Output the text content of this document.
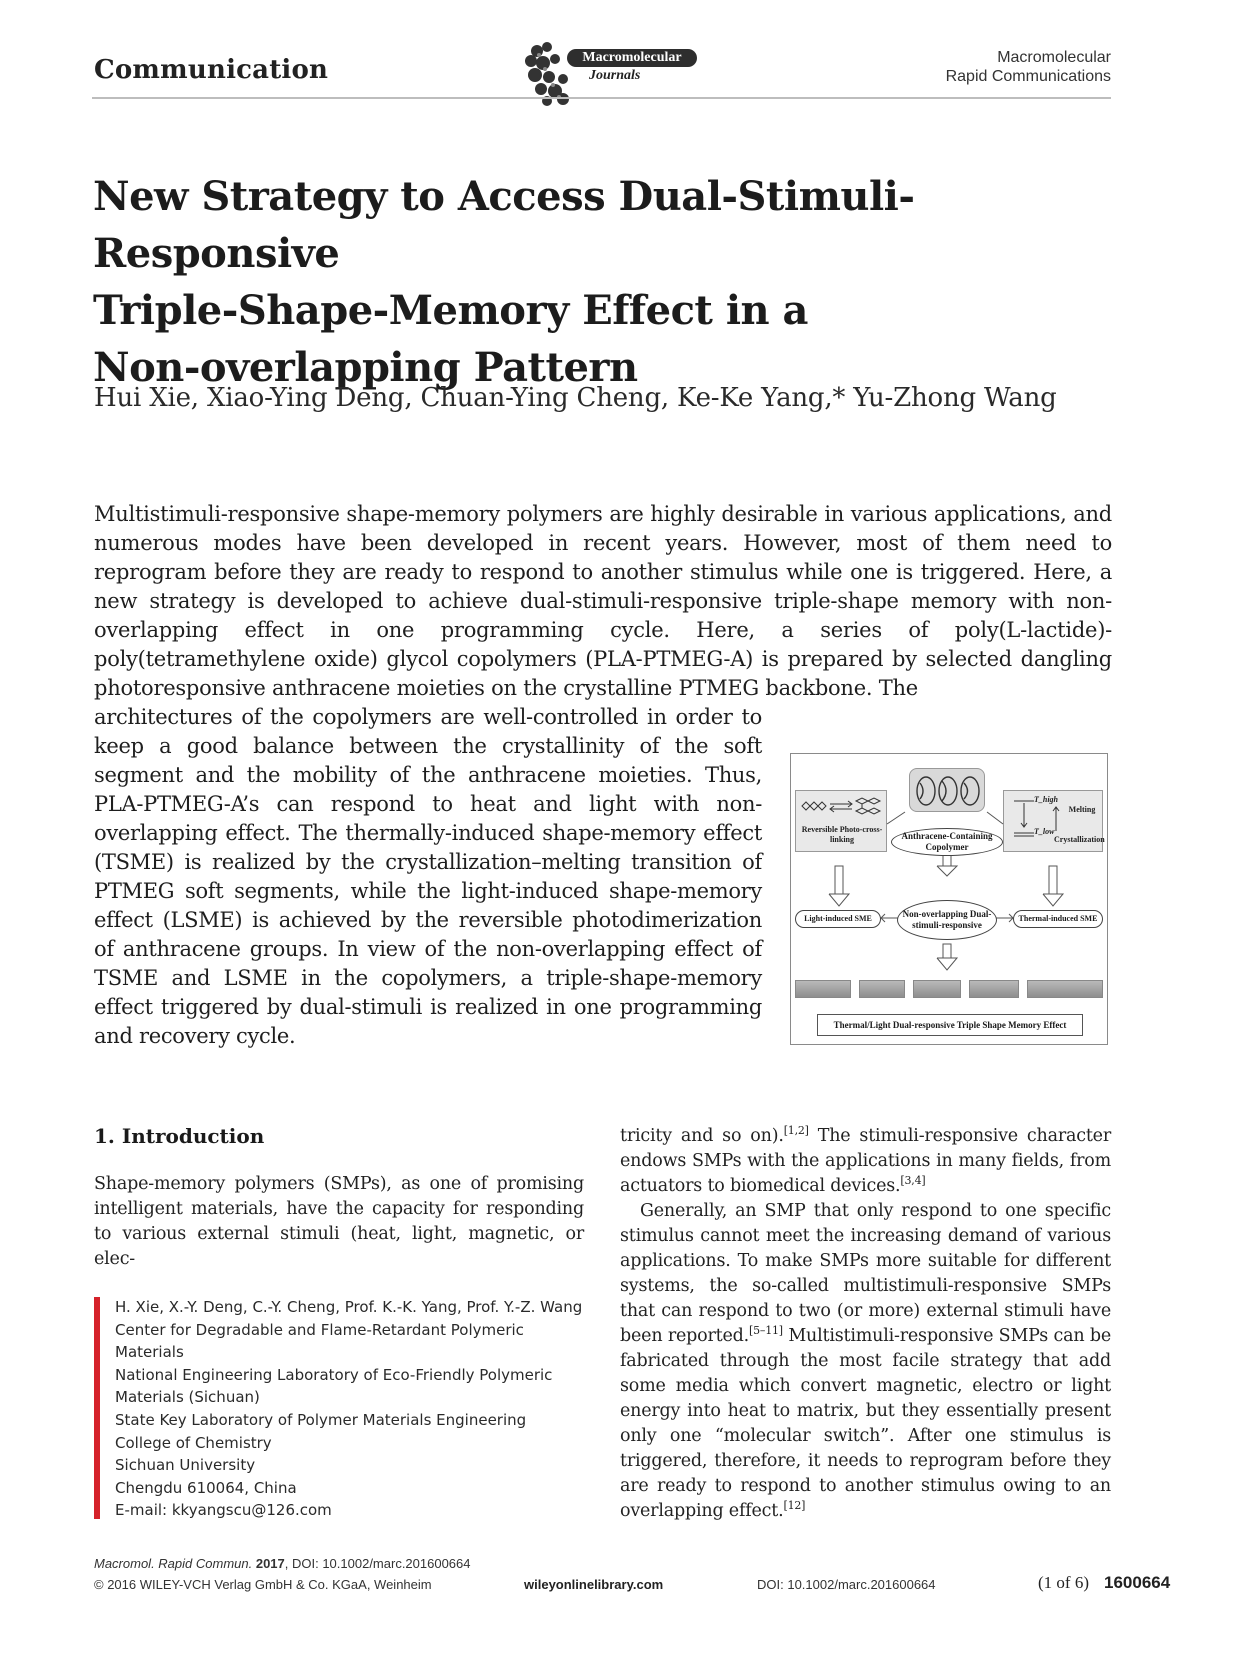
Communication	Macromolecular
Journals
Macromolecular
Rapid Communications
New Strategy to Access Dual-Stimuli-Responsive
Triple-Shape-Memory Effect in a
Non-overlapping Pattern
Hui Xie, Xiao-Ying Deng, Chuan-Ying Cheng, Ke-Ke Yang,* Yu-Zhong Wang
Multistimuli-responsive shape-memory polymers are highly desirable in various applications, and numerous modes have been developed in recent years. However, most of them need to reprogram before they are ready to respond to another stimulus while one is triggered. Here, a new strategy is developed to achieve dual-stimuli-responsive triple-shape memory with non-overlapping effect in one programming cycle. Here, a series of poly(L-lactide)-poly(tetramethylene oxide) glycol copolymers (PLA-PTMEG-A) is prepared by selected dangling photoresponsive anthracene moieties on the crystalline PTMEG backbone. The
architectures of the copolymers are well-controlled in order to keep a good balance between the crystallinity of the soft segment and the mobility of the anthracene moieties. Thus, PLA-PTMEG-A’s can respond to heat and light with non-overlapping effect. The thermally-induced shape-memory effect (TSME) is realized by the crystallization–melting transition of PTMEG soft segments, while the light-induced shape-memory effect (LSME) is achieved by the reversible photodimerization of anthracene groups. In view of the non-overlapping effect of TSME and LSME in the copolymers, a triple-shape-memory effect triggered by dual-stimuli is realized in one programming and recovery cycle.
Reversible Photo-cross-linking
T_high
T_low
Melting
Crystallization
Anthracene-Containing Copolymer
Non-overlapping Dual-stimuli-responsive
Light-induced SME	Thermal-induced SME
Thermal/Light Dual-responsive Triple Shape Memory Effect
1. Introduction
Shape-memory polymers (SMPs), as one of promising intelligent materials, have the capacity for responding to various external stimuli (heat, light, magnetic, or elec-

tricity and so on).[1,2] The stimuli-responsive character endows SMPs with the applications in many fields, from actuators to biomedical devices.[3,4]

Generally, an SMP that only respond to one specific stimulus cannot meet the increasing demand of various applications. To make SMPs more suitable for different systems, the so-called multistimuli-responsive SMPs that can respond to two (or more) external stimuli have been reported.[5–11] Multistimuli-responsive SMPs can be fabricated through the most facile strategy that add some media which convert magnetic, electro or light energy into heat to matrix, but they essentially present only one “molecular switch”. After one stimulus is triggered, therefore, it needs to reprogram before they are ready to respond to another stimulus owing to an overlapping effect.[12]

H. Xie, X.-Y. Deng, C.-Y. Cheng, Prof. K.-K. Yang, Prof. Y.-Z. Wang
Center for Degradable and Flame-Retardant Polymeric
Materials
National Engineering Laboratory of Eco-Friendly Polymeric
Materials (Sichuan)
State Key Laboratory of Polymer Materials Engineering
College of Chemistry
Sichuan University
Chengdu 610064, China
E-mail: kkyangscu@126.com
Macromol. Rapid Commun. 2017, DOI: 10.1002/marc.201600664
© 2016 WILEY-VCH Verlag GmbH & Co. KGaA, Weinheim	wileyonlinelibrary.com	DOI: 10.1002/marc.201600664	(1 of 6) 1600664
